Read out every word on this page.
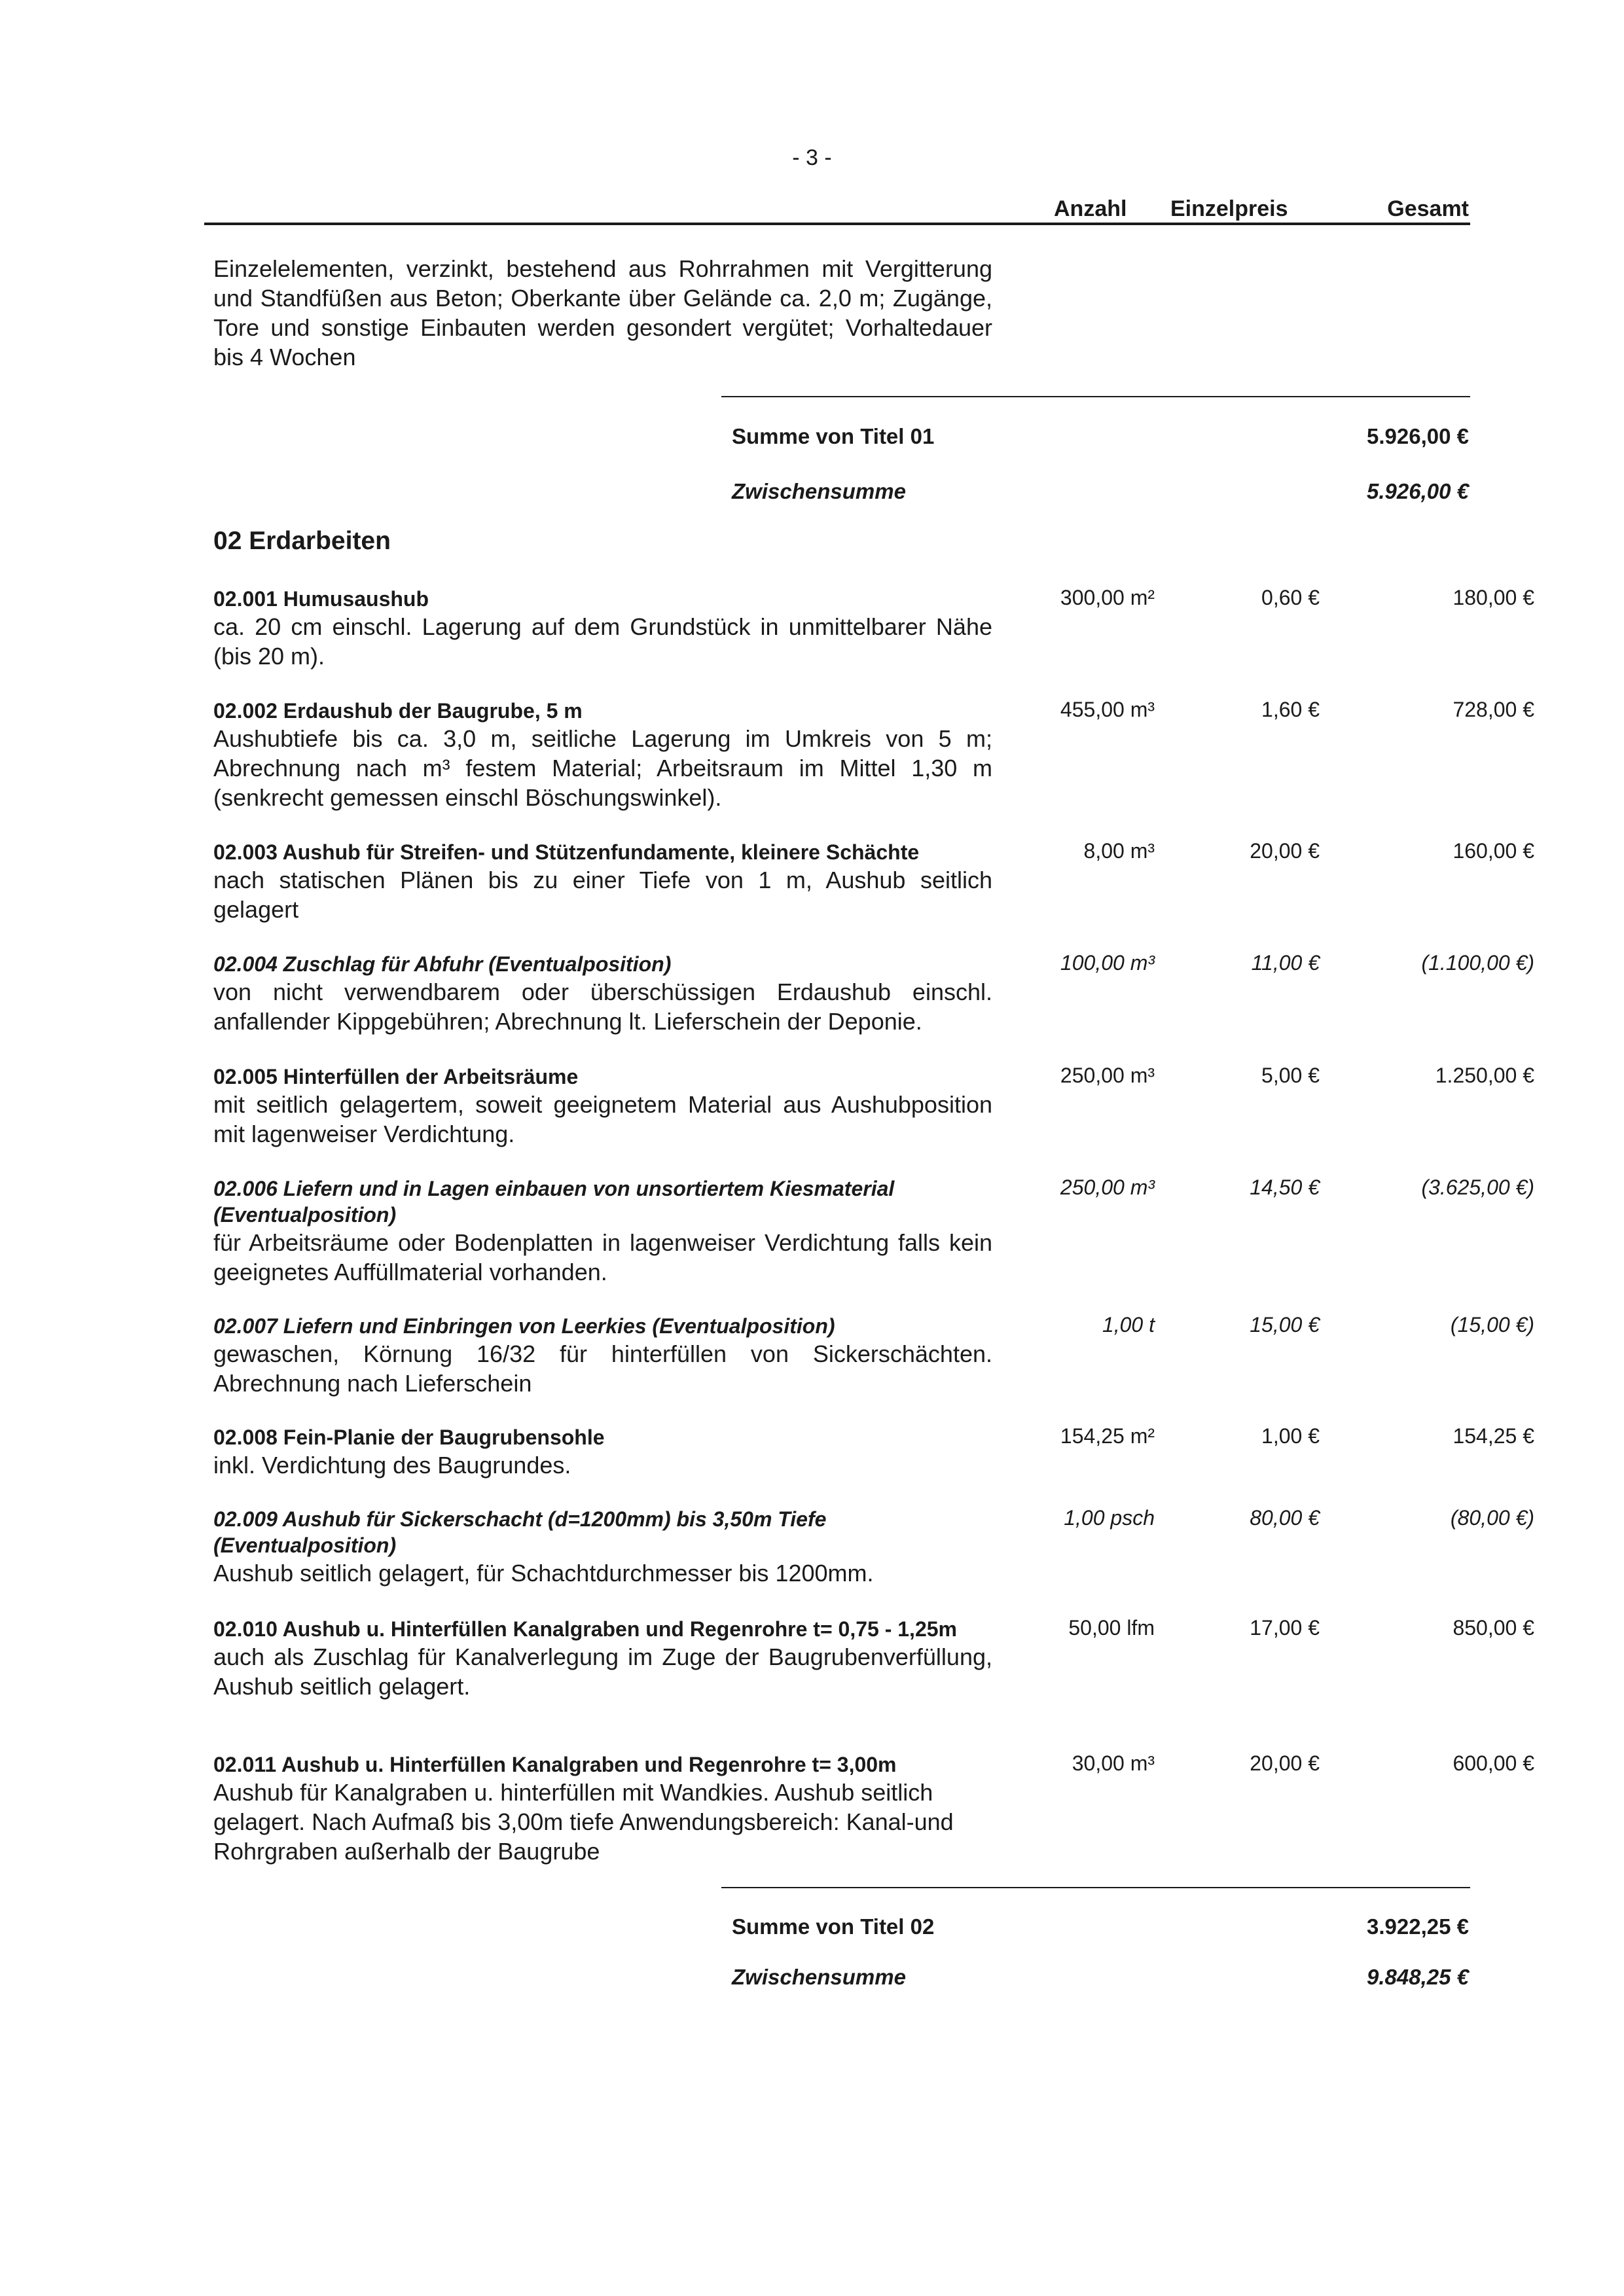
- 3 -
Anzahl Einzelpreis	Gesamt
Einzelelementen, verzinkt, bestehend aus Rohrrahmen mit Vergitterung und Standfüßen aus Beton; Oberkante über Gelände ca. 2,0 m; Zugänge, Tore und sonstige Einbauten werden gesondert vergütet; Vorhaltedauer bis 4 Wochen
Summe von Titel 01	5.926,00 €
Zwischensumme	5.926,00 €
02 Erdarbeiten
02.001 Humusaushub
ca. 20 cm einschl. Lagerung auf dem Grundstück in unmittelbarer Nähe (bis 20 m).
300,00 m²	0,60 €	180,00 €
02.002 Erdaushub der Baugrube, 5 m
Aushubtiefe bis ca. 3,0 m, seitliche Lagerung im Umkreis von 5 m; Abrechnung nach m³ festem Material; Arbeitsraum im Mittel 1,30 m (senkrecht gemessen einschl Böschungswinkel).
455,00 m³	1,60 €	728,00 €
02.003 Aushub für Streifen- und Stützenfundamente, kleinere Schächte
nach statischen Plänen bis zu einer Tiefe von 1 m, Aushub seitlich gelagert
8,00 m³	20,00 €	160,00 €
02.004 Zuschlag für Abfuhr (Eventualposition)
von nicht verwendbarem oder überschüssigen Erdaushub einschl. anfallender Kippgebühren; Abrechnung lt. Lieferschein der Deponie.
100,00 m³	11,00 €	(1.100,00 €)
02.005 Hinterfüllen der Arbeitsräume
mit seitlich gelagertem, soweit geeignetem Material aus Aushubposition mit lagenweiser Verdichtung.
250,00 m³	5,00 €	1.250,00 €
02.006 Liefern und in Lagen einbauen von unsortiertem Kiesmaterial (Eventualposition)
für Arbeitsräume oder Bodenplatten in lagenweiser Verdichtung falls kein geeignetes Auffüllmaterial vorhanden.
250,00 m³	14,50 €	(3.625,00 €)
02.007 Liefern und Einbringen von Leerkies (Eventualposition)
gewaschen, Körnung 16/32 für hinterfüllen von Sickerschächten. Abrechnung nach Lieferschein
1,00 t	15,00 €	(15,00 €)
02.008 Fein-Planie der Baugrubensohle
inkl. Verdichtung des Baugrundes.
154,25 m²	1,00 €	154,25 €
02.009 Aushub für Sickerschacht (d=1200mm) bis 3,50m Tiefe (Eventualposition)
Aushub seitlich gelagert, für Schachtdurchmesser bis 1200mm.
1,00 psch	80,00 €	(80,00 €)
02.010 Aushub u. Hinterfüllen Kanalgraben und Regenrohre t= 0,75 - 1,25m
auch als Zuschlag für Kanalverlegung im Zuge der Baugrubenverfüllung, Aushub seitlich gelagert.
50,00 lfm	17,00 €	850,00 €
02.011 Aushub u. Hinterfüllen Kanalgraben und Regenrohre t= 3,00m
Aushub für Kanalgraben u. hinterfüllen mit Wandkies. Aushub seitlich gelagert. Nach Aufmaß bis 3,00m tiefe Anwendungsbereich: Kanal-und Rohrgraben außerhalb der Baugrube
30,00 m³	20,00 €	600,00 €
Summe von Titel 02	3.922,25 €
Zwischensumme	9.848,25 €
